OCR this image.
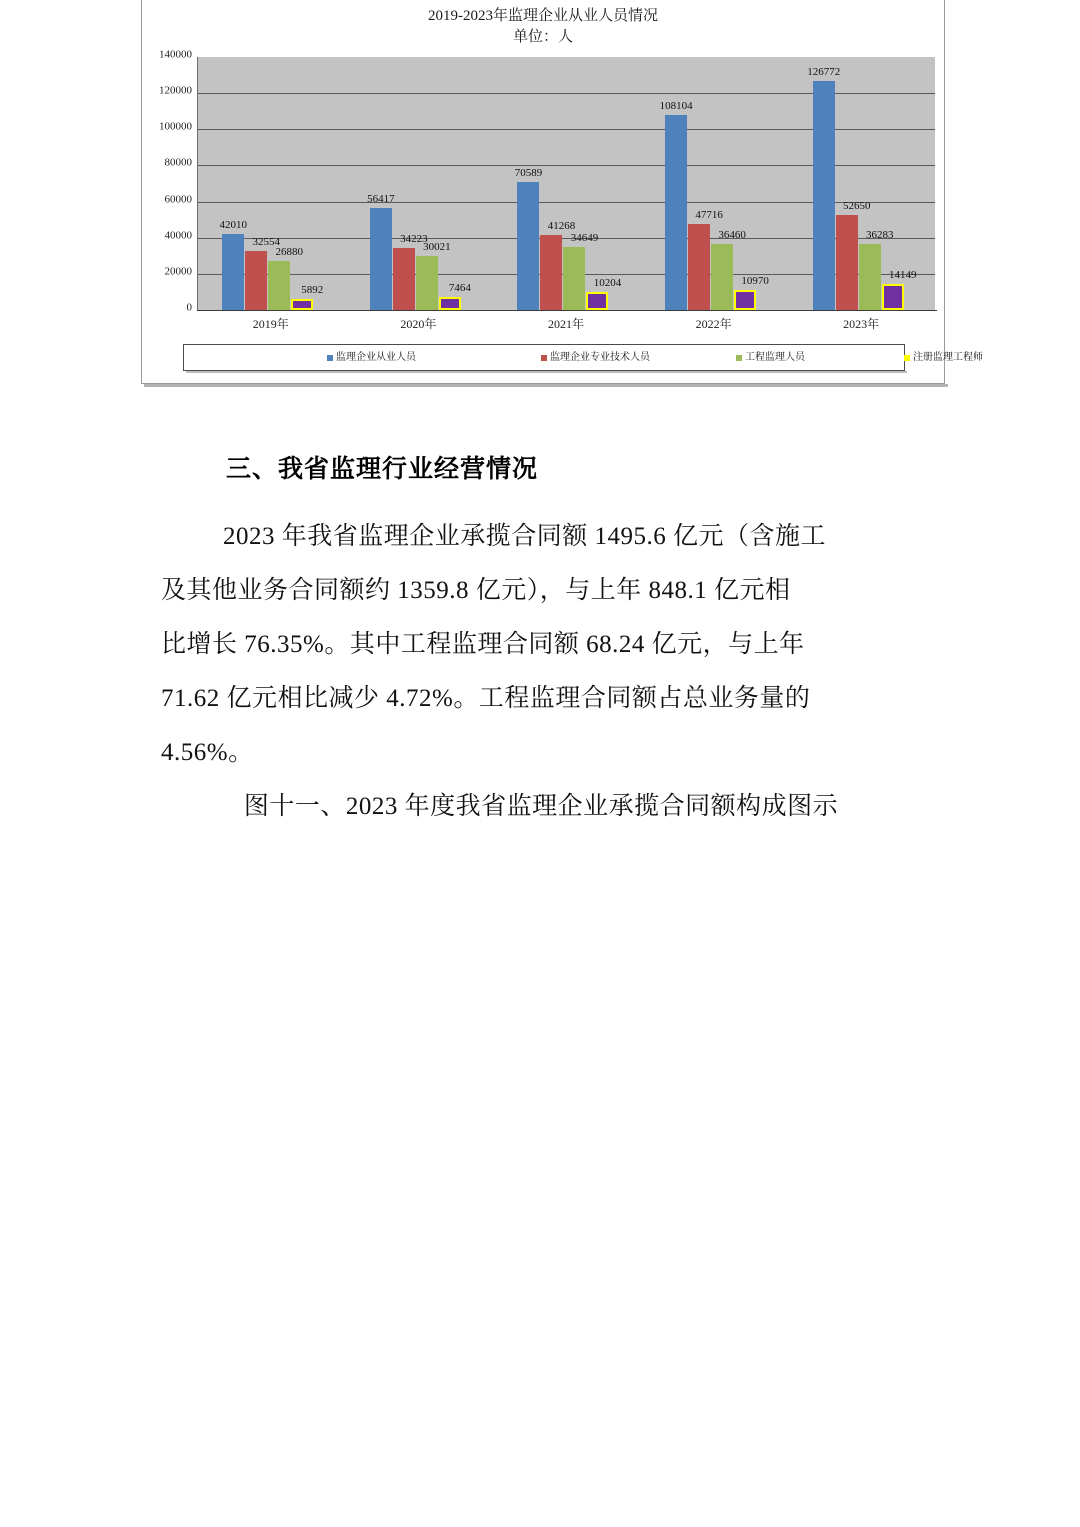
2019-2023年监理企业从业人员情况
单位：人
0
20000
40000
60000
80000
100000
120000
140000
42010
32554
26880
5892
56417
34223
30021
7464
70589
41268
34649
10204
108104
47716
36460
10970
126772
52650
36283
14149
2019年	2020年	2021年	2022年	2023年
监理企业从业人员	监理企业专业技术人员	工程监理人员	注册监理工程师
三、我省监理行业经营情况
2023 年我省监理企业承揽合同额 1495.6 亿元（含施工
及其他业务合同额约 1359.8 亿元），与上年 848.1 亿元相
比增长 76.35%。其中工程监理合同额 68.24 亿元，与上年
71.62 亿元相比减少 4.72%。工程监理合同额占总业务量的
4.56%。
图十一、2023 年度我省监理企业承揽合同额构成图示
